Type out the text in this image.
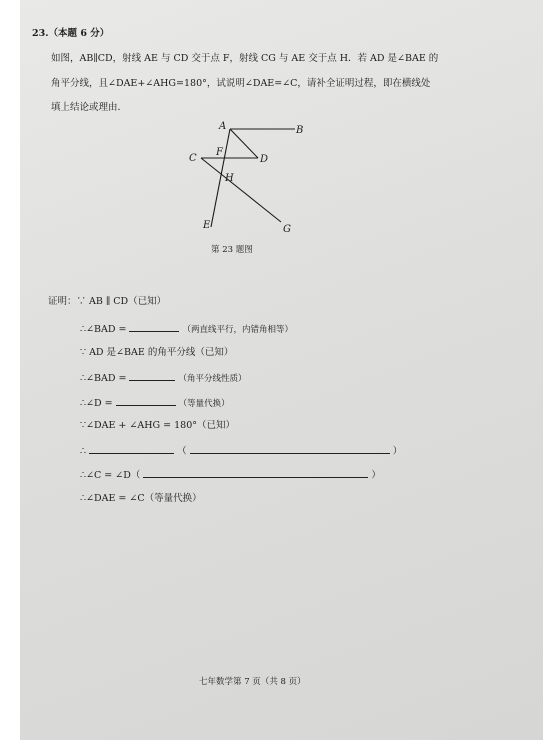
23.（本题 6 分）
如图，AB∥CD，射线 AE 与 CD 交于点 F，射线 CG 与 AE 交于点 H．若 AD 是∠BAE 的
角平分线，且∠DAE+∠AHG=180°，试说明∠DAE=∠C，请补全证明过程，即在横线处
填上结论或理由．
A	B
C	D
F
H
E	G
第 23 题图
证明：∵ AB ∥ CD（已知）
∴∠BAD =	（两直线平行，内错角相等）
∵ AD 是∠BAE 的角平分线（已知）
∴∠BAD =	（角平分线性质）
∴∠D =	（等量代换）
∵∠DAE + ∠AHG = 180°（已知）
∴	（	）
∴∠C = ∠D（	）
∴∠DAE = ∠C（等量代换）
七年数学第 7 页（共 8 页）
